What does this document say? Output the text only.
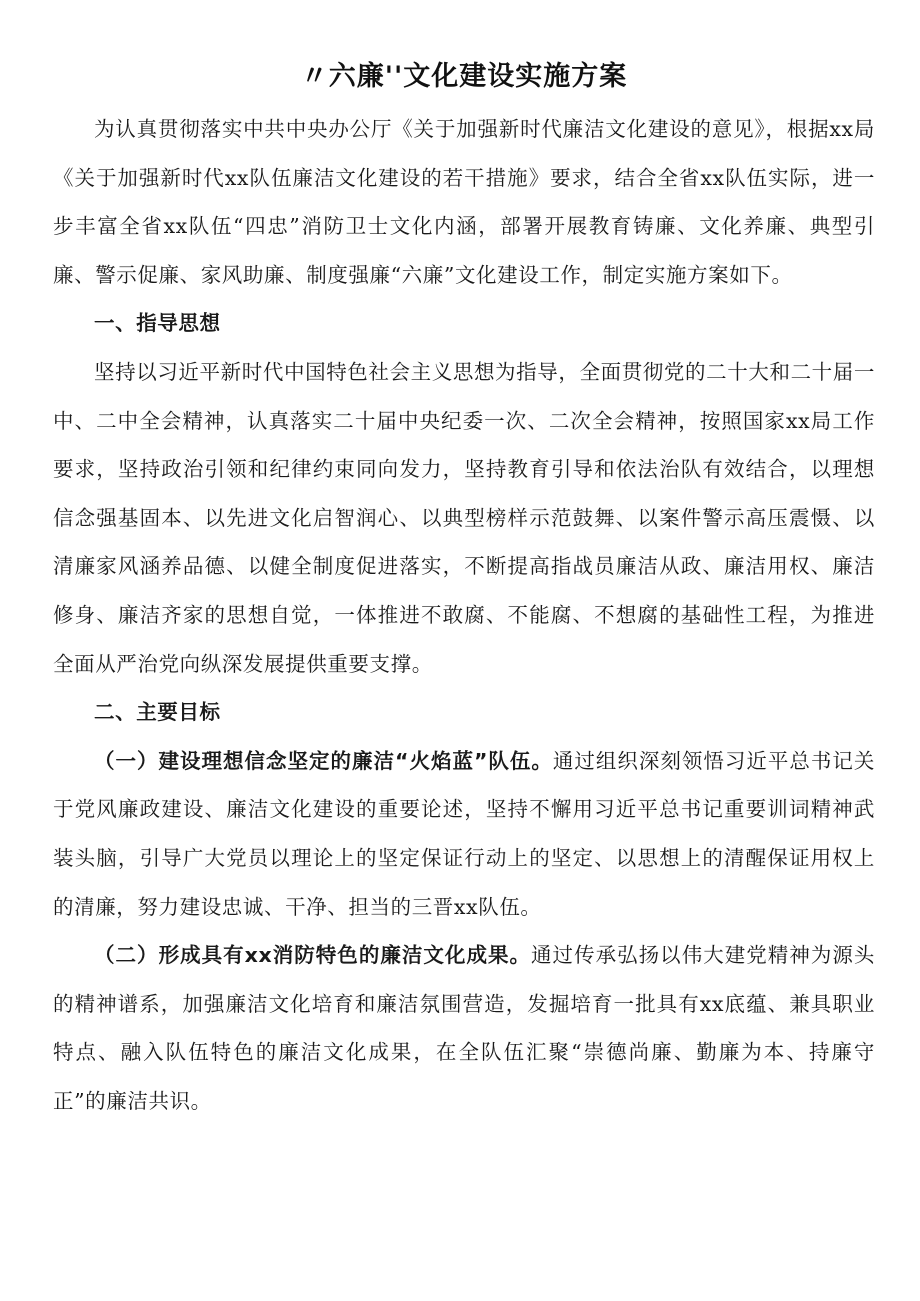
〃六廉''文化建设实施方案

为认真贯彻落实中共中央办公厅《关于加强新时代廉洁文化建设的意见》，根据xx局《关于加强新时代xx队伍廉洁文化建设的若干措施》要求，结合全省xx队伍实际，进一步丰富全省xx队伍“四忠”消防卫士文化内涵，部署开展教育铸廉、文化养廉、典型引廉、警示促廉、家风助廉、制度强廉“六廉”文化建设工作，制定实施方案如下。

一、指导思想

坚持以习近平新时代中国特色社会主义思想为指导，全面贯彻党的二十大和二十届一中、二中全会精神，认真落实二十届中央纪委一次、二次全会精神，按照国家xx局工作要求，坚持政治引领和纪律约束同向发力，坚持教育引导和依法治队有效结合，以理想信念强基固本、以先进文化启智润心、以典型榜样示范鼓舞、以案件警示高压震慑、以清廉家风涵养品德、以健全制度促进落实，不断提高指战员廉洁从政、廉洁用权、廉洁修身、廉洁齐家的思想自觉，一体推进不敢腐、不能腐、不想腐的基础性工程，为推进全面从严治党向纵深发展提供重要支撑。

二、主要目标

（一）建设理想信念坚定的廉洁“火焰蓝”队伍。通过组织深刻领悟习近平总书记关于党风廉政建设、廉洁文化建设的重要论述，坚持不懈用习近平总书记重要训词精神武装头脑，引导广大党员以理论上的坚定保证行动上的坚定、以思想上的清醒保证用权上的清廉，努力建设忠诚、干净、担当的三晋xx队伍。

（二）形成具有xx消防特色的廉洁文化成果。通过传承弘扬以伟大建党精神为源头的精神谱系，加强廉洁文化培育和廉洁氛围营造，发掘培育一批具有xx底蕴、兼具职业特点、融入队伍特色的廉洁文化成果，在全队伍汇聚“崇德尚廉、勤廉为本、持廉守正”的廉洁共识。
